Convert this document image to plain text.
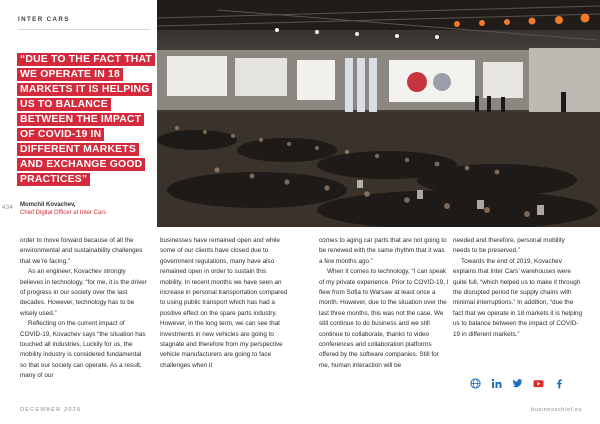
INTER CARS
“DUE TO THE FACT THAT
WE OPERATE IN 18
MARKETS IT IS HELPING
US TO BALANCE
BETWEEN THE IMPACT
OF COVID-19 IN
DIFFERENT MARKETS
AND EXCHANGE GOOD
PRACTICES”
434 Momchil Kovachev,
Chief Digital Officer at Inter Cars

order to move forward because of all the environmental and sustainability challenges that we’re facing.”

As an engineer, Kovachev strongly believes in technology, “for me, it is the driver of progress in our society over the last decades. However, technology has to be wisely used.”

Reflecting on the current impact of COVID-19, Kovachev says “the situation has touched all industries. Luckily for us, the mobility industry is considered fundamental so that our society can operate. As a result, many of our

businesses have remained open and while some of our clients have closed due to government regulations, many have also remained open in order to sustain this mobility. In recent months we have seen an increase in personal transportation compared to using public transport which has had a positive effect on the spare parts industry. However, in the long term, we can see that investments in new vehicles are going to stagnate and therefore from my perspective vehicle manufacturers are going to face challenges when it

comes to aging car parts that are not going to be renewed with the same rhythm that it was a few months ago.”

When it comes to technology, “I can speak of my private experience. Prior to COVID-19, I flew from Sofia to Warsaw at least once a month. However, due to the situation over the last three months, this was not the case. We still continue to do business and we still continue to collaborate, thanks to video conferences and collaboration platforms offered by the software companies. Still for me, human interaction will be

needed and therefore, personal mobility needs to be preserved.”

Towards the end of 2019, Kovachev explains that Inter Cars’ warehouses were quite full, “which helped us to make it through the disrupted period for supply chains with minimal interruptions.” In addition, “due the fact that we operate in 18 markets it is helping us to balance between the impact of COVID-19 in different markets.”

DECEMBER 2020	businesschief.eu
